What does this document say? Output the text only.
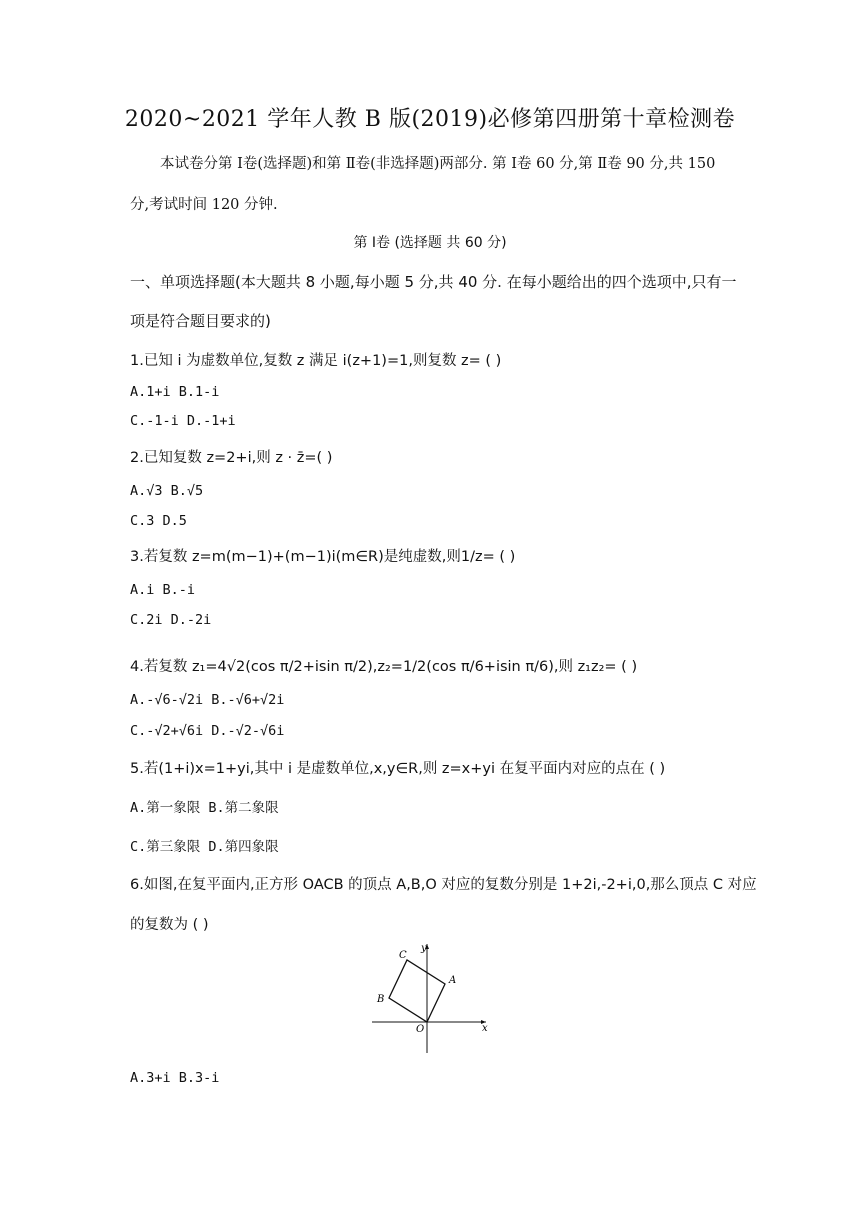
2020~2021 学年人教 B 版(2019)必修第四册第十章检测卷
本试卷分第 Ⅰ卷(选择题)和第 Ⅱ卷(非选择题)两部分. 第 Ⅰ卷 60 分,第 Ⅱ卷 90 分,共 150
分,考试时间 120 分钟.
第 Ⅰ卷 (选择题 共 60 分)
一、单项选择题(本大题共 8 小题,每小题 5 分,共 40 分. 在每小题给出的四个选项中,只有一
项是符合题目要求的)
1.已知 i 为虚数单位,复数 z 满足 i(z+1)=1,则复数 z= ( )
A.1+i B.1-i
C.-1-i D.-1+i
2.已知复数 z=2+i,则 z · z̄=( )
A.√3 B.√5
C.3 D.5
3.若复数 z=m(m−1)+(m−1)i(m∈R)是纯虚数,则1/z= ( )
A.i B.-i
C.2i D.-2i
4.若复数 z₁=4√2(cos π/2+isin π/2),z₂=1/2(cos π/6+isin π/6),则 z₁z₂= ( )
A.-√6-√2i B.-√6+√2i
C.-√2+√6i D.-√2-√6i
5.若(1+i)x=1+yi,其中 i 是虚数单位,x,y∈R,则 z=x+yi 在复平面内对应的点在 ( )
A.第一象限 B.第二象限
C.第三象限 D.第四象限
6.如图,在复平面内,正方形 OACB 的顶点 A,B,O 对应的复数分别是 1+2i,-2+i,0,那么顶点 C 对应
的复数为 ( )
x
y
O
A
C
B
A.3+i B.3-i
